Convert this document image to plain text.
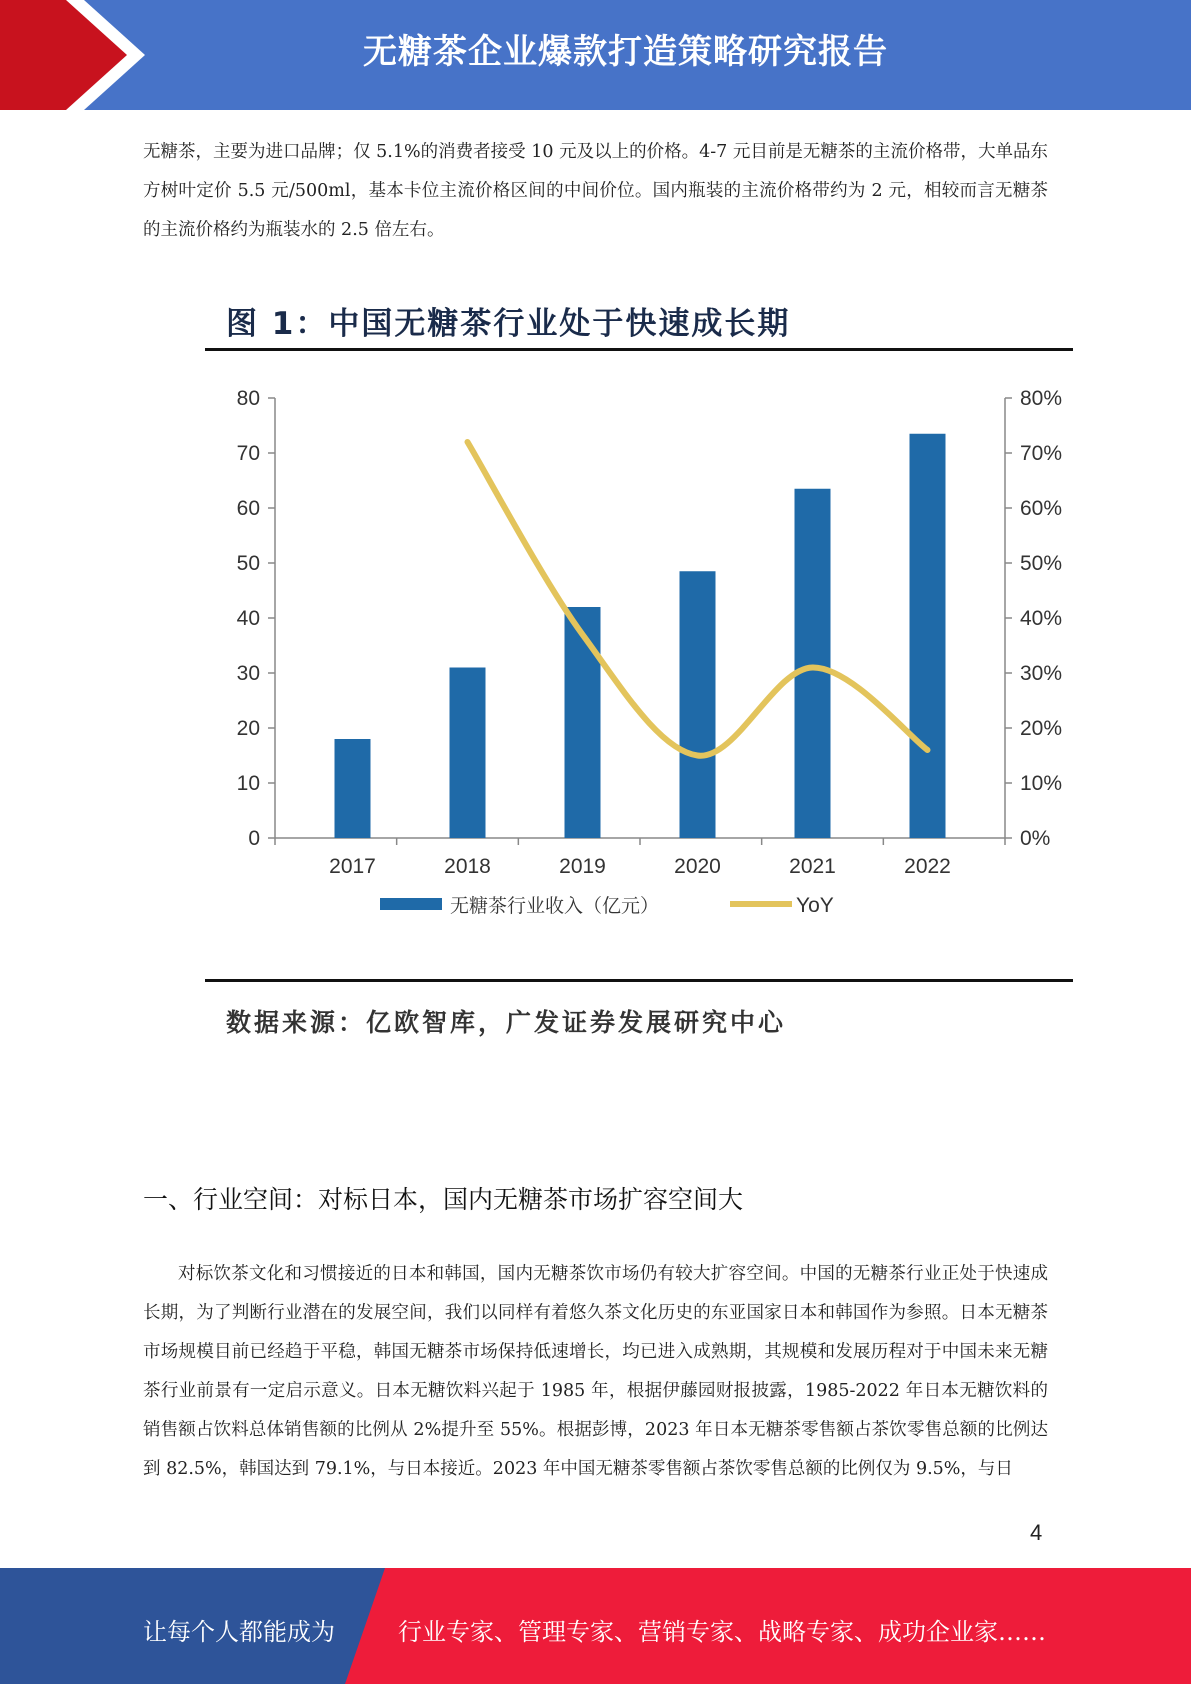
无糖茶企业爆款打造策略研究报告

无糖茶，主要为进口品牌；仅 5.1%的消费者接受 10 元及以上的价格。4-7 元目前是无糖茶的主流价格带，大单品东方树叶定价 5.5 元/500ml，基本卡位主流价格区间的中间价位。国内瓶装的主流价格带约为 2 元，相较而言无糖茶的主流价格约为瓶装水的 2.5 倍左右。

图 1：中国无糖茶行业处于快速成长期
0
10
20
30
40
50
60
70
80
0%
10%
20%
30%
40%
50%
60%
70%
80%
2017	2018	2019	2020	2021	2022
无糖茶行业收入（亿元）	YoY
数据来源：亿欧智库，广发证券发展研究中心
一、行业空间：对标日本，国内无糖茶市场扩容空间大

对标饮茶文化和习惯接近的日本和韩国，国内无糖茶饮市场仍有较大扩容空间。中国的无糖茶行业正处于快速成长期，为了判断行业潜在的发展空间，我们以同样有着悠久茶文化历史的东亚国家日本和韩国作为参照。日本无糖茶市场规模目前已经趋于平稳，韩国无糖茶市场保持低速增长，均已进入成熟期，其规模和发展历程对于中国未来无糖茶行业前景有一定启示意义。日本无糖饮料兴起于 1985 年，根据伊藤园财报披露，1985-2022 年日本无糖饮料的销售额占饮料总体销售额的比例从 2%提升至 55%。根据彭博，2023 年日本无糖茶零售额占茶饮零售总额的比例达到 82.5%，韩国达到 79.1%，与日本接近。2023 年中国无糖茶零售额占茶饮零售总额的比例仅为 9.5%，与日

4
让每个人都能成为	行业专家、管理专家、营销专家、战略专家、成功企业家……
